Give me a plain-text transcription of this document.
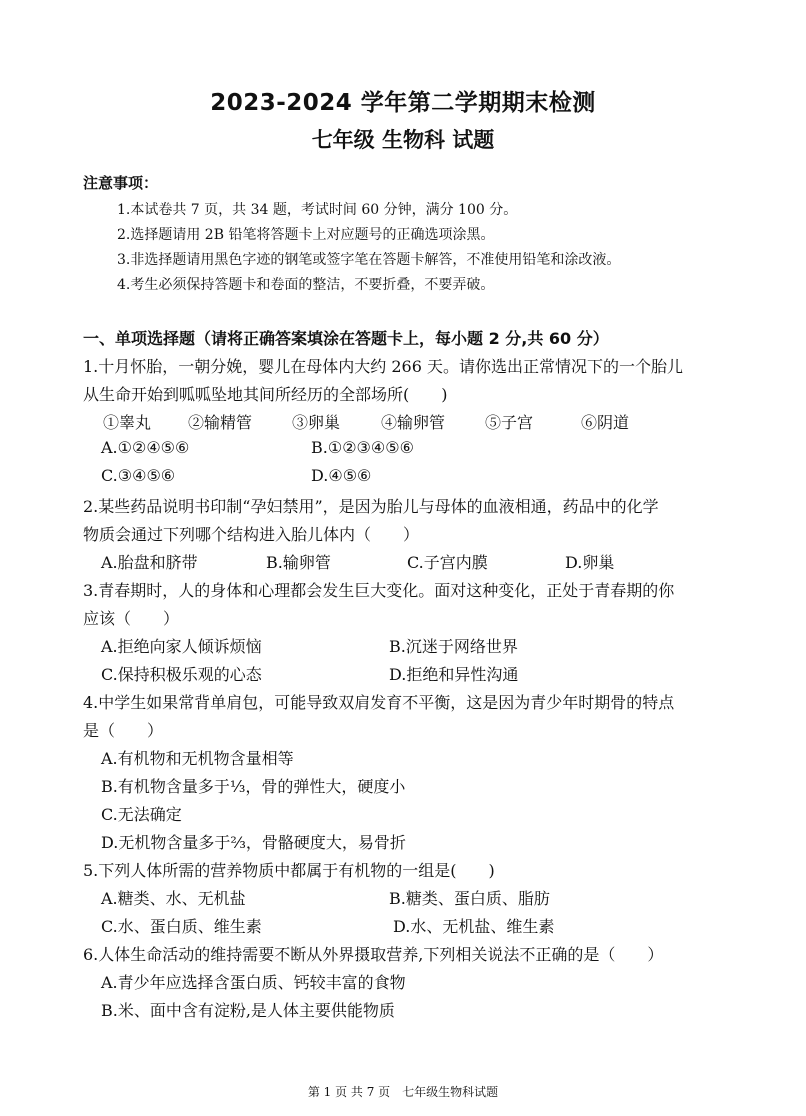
2023-2024 学年第二学期期末检测
七年级 生物科 试题
注意事项：
1.本试卷共 7 页，共 34 题，考试时间 60 分钟，满分 100 分。
2.选择题请用 2B 铅笔将答题卡上对应题号的正确选项涂黑。
3.非选择题请用黑色字迹的钢笔或签字笔在答题卡解答，不准使用铅笔和涂改液。
4.考生必须保持答题卡和卷面的整洁，不要折叠，不要弄破。
一、单项选择题（请将正确答案填涂在答题卡上，每小题 2 分,共 60 分）
1.十月怀胎，一朝分娩，婴儿在母体内大约 266 天。请你选出正常情况下的一个胎儿
从生命开始到呱呱坠地其间所经历的全部场所(　　)
①睾丸 ②输精管 ③卵巢	④输卵管 ⑤子宫	⑥阴道
A.①②④⑤⑥	B.①②③④⑤⑥
C.③④⑤⑥	D.④⑤⑥
2.某些药品说明书印制“孕妇禁用”，是因为胎儿与母体的血液相通，药品中的化学
物质会通过下列哪个结构进入胎儿体内（　　）
A.胎盘和脐带	B.输卵管	C.子宫内膜	D.卵巢
3.青春期时，人的身体和心理都会发生巨大变化。面对这种变化，正处于青春期的你
应该（　　）
A.拒绝向家人倾诉烦恼	B.沉迷于网络世界
C.保持积极乐观的心态	D.拒绝和异性沟通
4.中学生如果常背单肩包，可能导致双肩发育不平衡，这是因为青少年时期骨的特点
是（　　）
A.有机物和无机物含量相等
B.有机物含量多于⅓，骨的弹性大，硬度小
C.无法确定
D.无机物含量多于⅔，骨骼硬度大，易骨折
5.下列人体所需的营养物质中都属于有机物的一组是(　　)
A.糖类、水、无机盐	B.糖类、蛋白质、脂肪
C.水、蛋白质、维生素	D.水、无机盐、维生素
6.人体生命活动的维持需要不断从外界摄取营养,下列相关说法不正确的是（　　）
A.青少年应选择含蛋白质、钙较丰富的食物
B.米、面中含有淀粉,是人体主要供能物质
第 1 页 共 7 页　七年级生物科试题
